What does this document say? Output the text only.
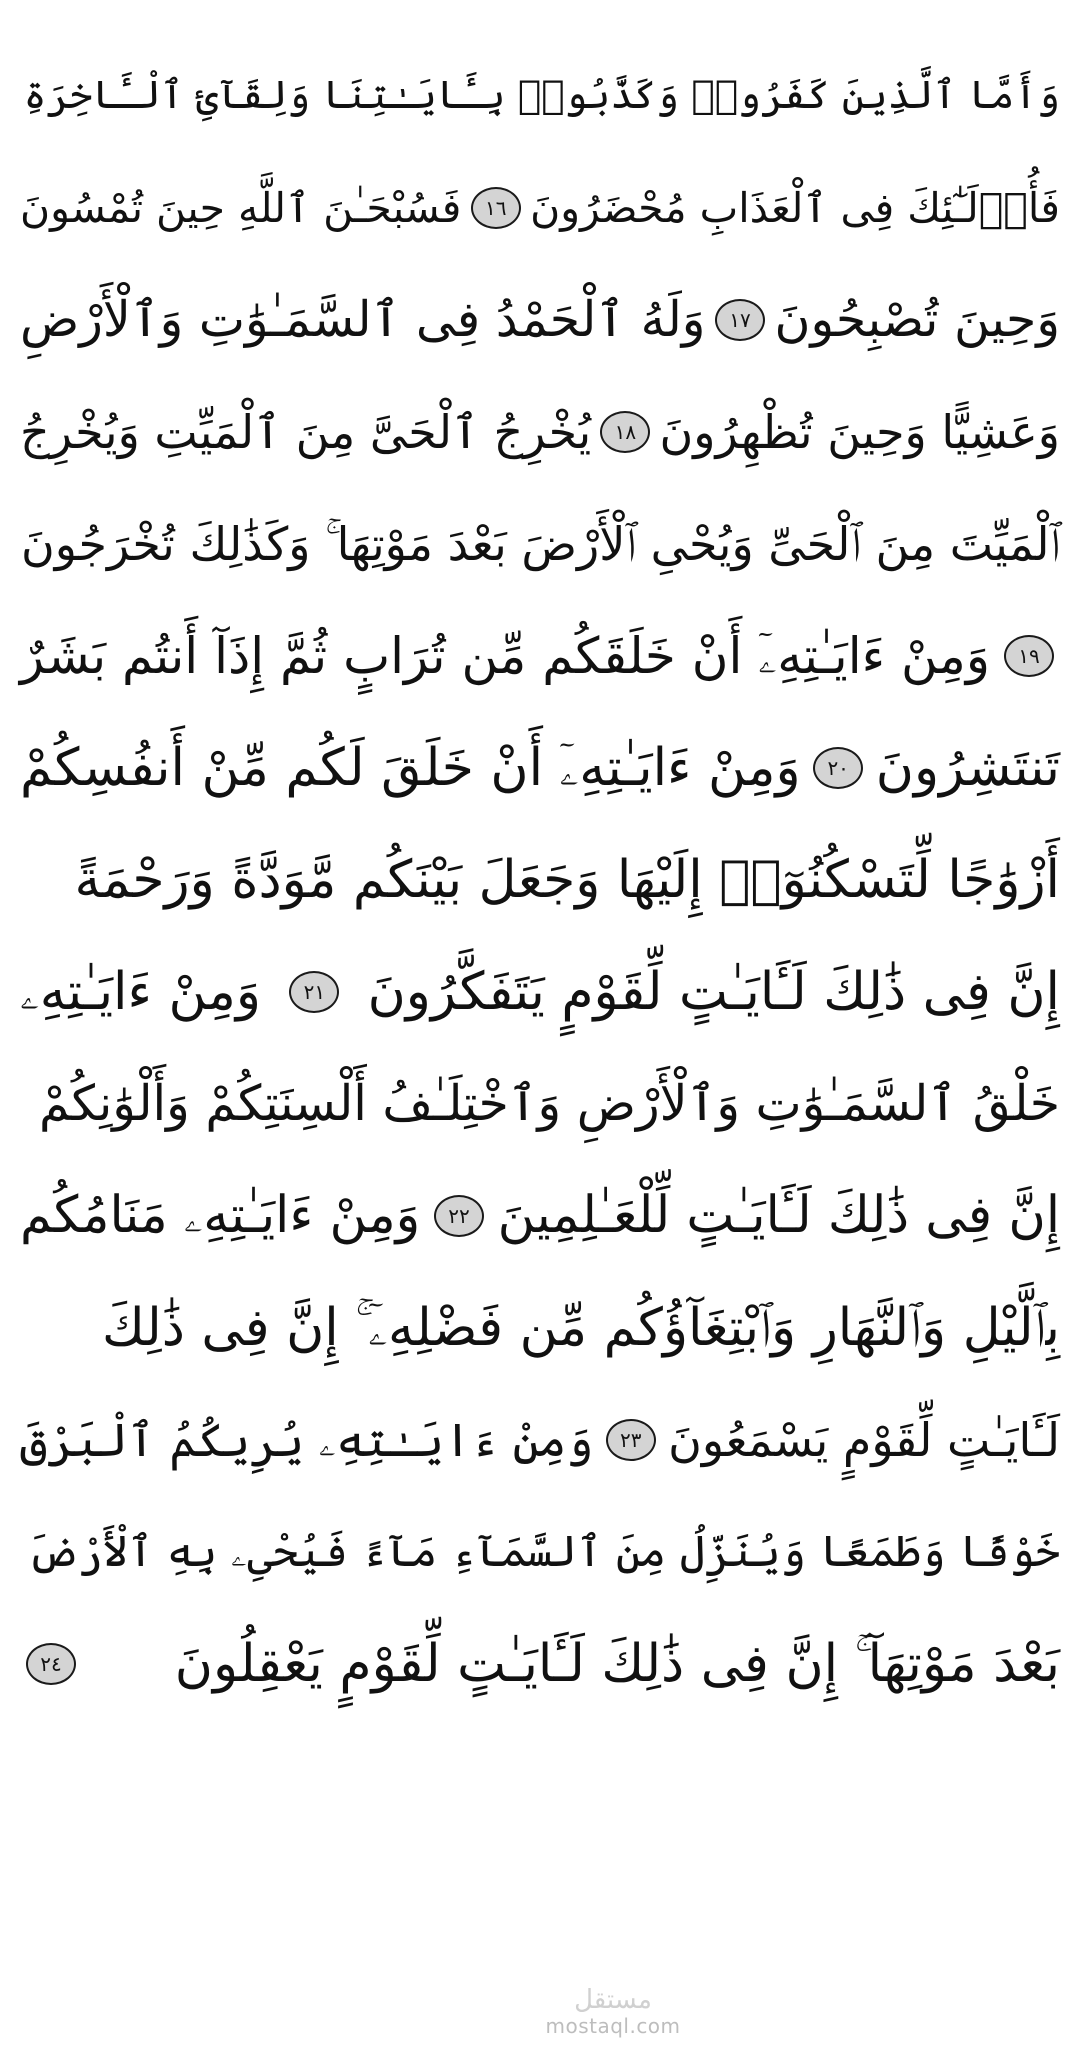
وَأَمَّا ٱلَّذِينَ كَفَرُوا۟ وَكَذَّبُوا۟ بِـَٔايَـٰتِنَا وَلِقَآئِ ٱلْـَٔاخِرَةِ
فَأُو۟لَـٰٓئِكَ فِى ٱلْعَذَابِ مُحْضَرُونَ
١٦
فَسُبْحَـٰنَ ٱللَّهِ حِينَ تُمْسُونَ
وَحِينَ تُصْبِحُونَ
١٧
وَلَهُ ٱلْحَمْدُ فِى ٱلسَّمَـٰوَٰتِ وَٱلْأَرْضِ
وَعَشِيًّا وَحِينَ تُظْهِرُونَ
١٨
يُخْرِجُ ٱلْحَىَّ مِنَ ٱلْمَيِّتِ وَيُخْرِجُ
ٱلْمَيِّتَ مِنَ ٱلْحَىِّ وَيُحْىِ ٱلْأَرْضَ بَعْدَ مَوْتِهَا ۚ وَكَذَٰلِكَ تُخْرَجُونَ
١٩
وَمِنْ ءَايَـٰتِهِۦٓ أَنْ خَلَقَكُم مِّن تُرَابٍ ثُمَّ إِذَآ أَنتُم بَشَرٌ
تَنتَشِرُونَ
٢٠
وَمِنْ ءَايَـٰتِهِۦٓ أَنْ خَلَقَ لَكُم مِّنْ أَنفُسِكُمْ
أَزْوَٰجًا لِّتَسْكُنُوٓا۟ إِلَيْهَا وَجَعَلَ بَيْنَكُم مَّوَدَّةً وَرَحْمَةً
إِنَّ فِى ذَٰلِكَ لَـَٔايَـٰتٍ لِّقَوْمٍ يَتَفَكَّرُونَ
٢١
وَمِنْ ءَايَـٰتِهِۦ
خَلْقُ ٱلسَّمَـٰوَٰتِ وَٱلْأَرْضِ وَٱخْتِلَـٰفُ أَلْسِنَتِكُمْ وَأَلْوَٰنِكُمْ
إِنَّ فِى ذَٰلِكَ لَـَٔايَـٰتٍ لِّلْعَـٰلِمِينَ
٢٢
وَمِنْ ءَايَـٰتِهِۦ مَنَامُكُم
بِٱلَّيْلِ وَٱلنَّهَارِ وَٱبْتِغَآؤُكُم مِّن فَضْلِهِۦٓ ۚ إِنَّ فِى ذَٰلِكَ
لَـَٔايَـٰتٍ لِّقَوْمٍ يَسْمَعُونَ
٢٣
وَمِنْ ءَايَـٰتِهِۦ يُرِيكُمُ ٱلْبَرْقَ
خَوْفًا وَطَمَعًا وَيُنَزِّلُ مِنَ ٱلسَّمَآءِ مَآءً فَيُحْىِۦ بِهِ ٱلْأَرْضَ
بَعْدَ مَوْتِهَآ ۚ إِنَّ فِى ذَٰلِكَ لَـَٔايَـٰتٍ لِّقَوْمٍ يَعْقِلُونَ
٢٤
مستقل
mostaql.com
